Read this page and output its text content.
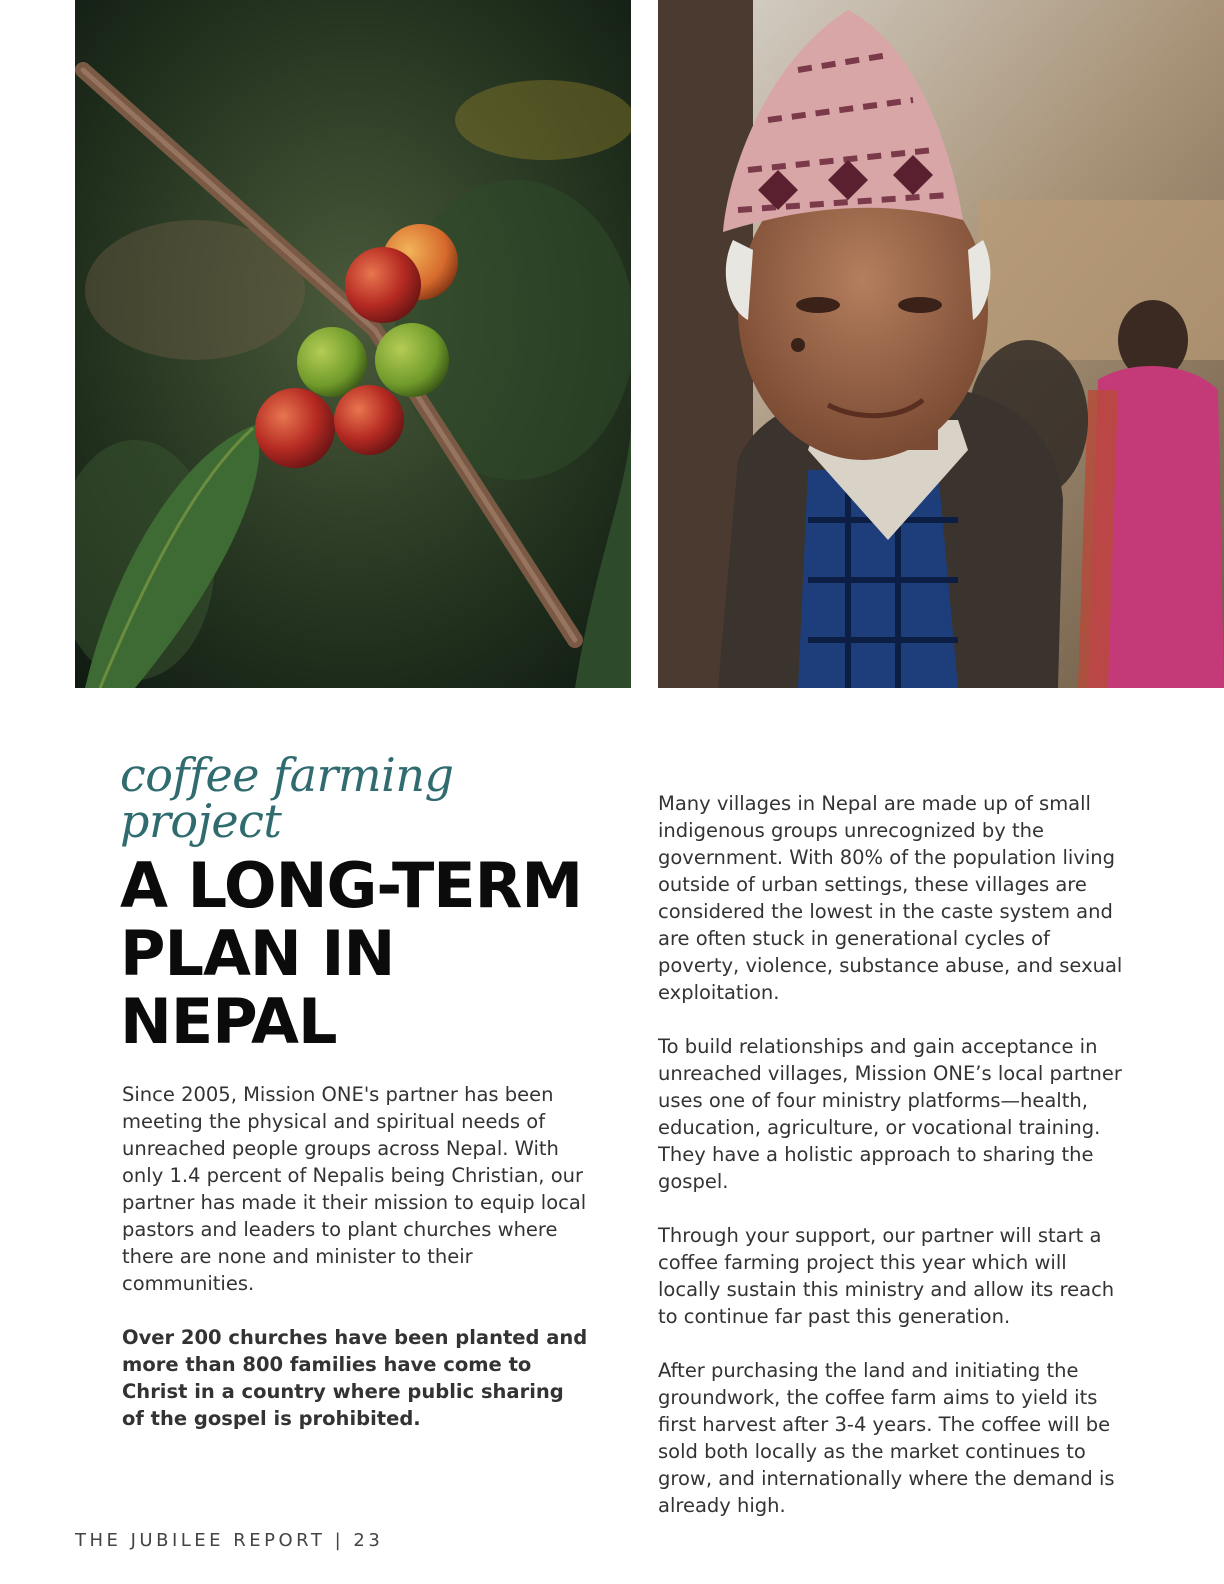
coffee farming project
A LONG-TERM PLAN IN NEPAL

Since 2005, Mission ONE's partner has been meeting the physical and spiritual needs of unreached people groups across Nepal. With only 1.4 percent of Nepalis being Christian, our partner has made it their mission to equip local pastors and leaders to plant churches where there are none and minister to their communities.

Over 200 churches have been planted and more than 800 families have come to Christ in a country where public sharing of the gospel is prohibited.

Many villages in Nepal are made up of small indigenous groups unrecognized by the government. With 80% of the population living outside of urban settings, these villages are considered the lowest in the caste system and are often stuck in generational cycles of poverty, violence, substance abuse, and sexual exploitation.

To build relationships and gain acceptance in unreached villages, Mission ONE’s local partner uses one of four ministry platforms—health, education, agriculture, or vocational training. They have a holistic approach to sharing the gospel.

Through your support, our partner will start a coffee farming project this year which will locally sustain this ministry and allow its reach to continue far past this generation.

After purchasing the land and initiating the groundwork, the coffee farm aims to yield its first harvest after 3-4 years. The coffee will be sold both locally as the market continues to grow, and internationally where the demand is already high.

THE JUBILEE REPORT | 23
